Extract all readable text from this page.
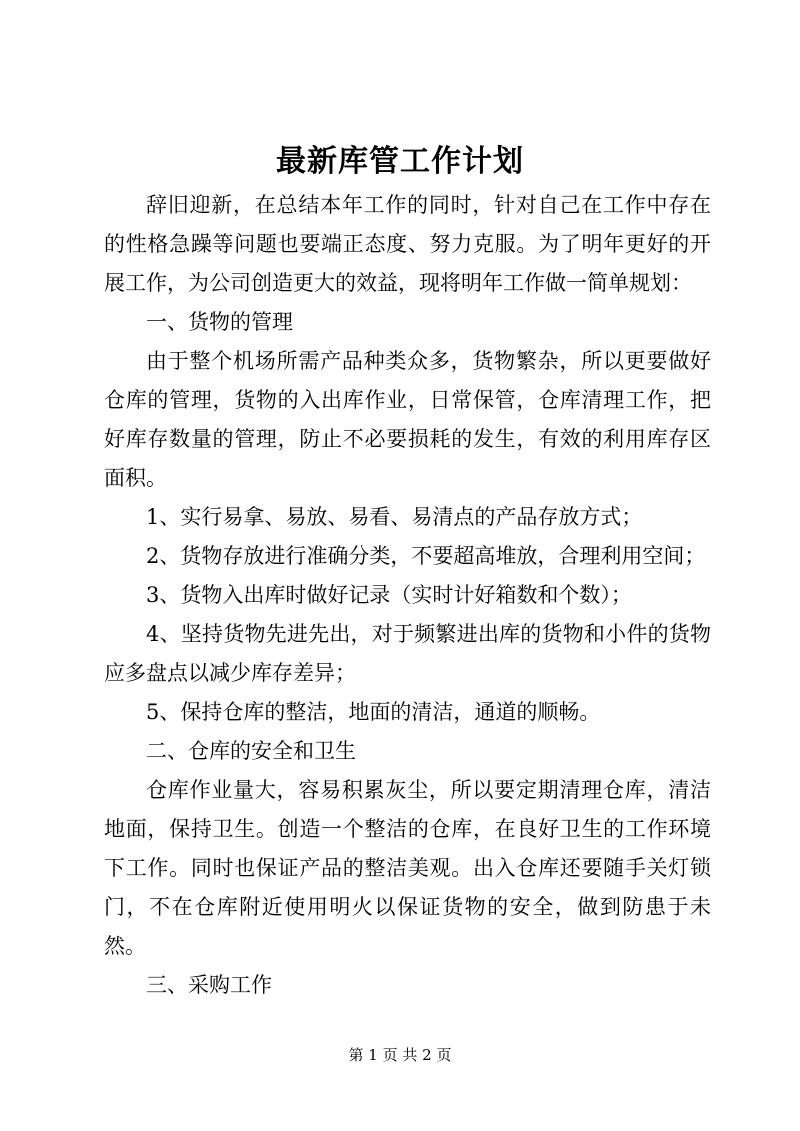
最新库管工作计划

辞旧迎新，在总结本年工作的同时，针对自己在工作中存在的性格急躁等问题也要端正态度、努力克服。为了明年更好的开展工作，为公司创造更大的效益，现将明年工作做一简单规划：

一、货物的管理

由于整个机场所需产品种类众多，货物繁杂，所以更要做好仓库的管理，货物的入出库作业，日常保管，仓库清理工作，把好库存数量的管理，防止不必要损耗的发生，有效的利用库存区面积。

1、实行易拿、易放、易看、易清点的产品存放方式；

2、货物存放进行准确分类，不要超高堆放，合理利用空间；

3、货物入出库时做好记录（实时计好箱数和个数）；

4、坚持货物先进先出，对于频繁进出库的货物和小件的货物应多盘点以减少库存差异；

5、保持仓库的整洁，地面的清洁，通道的顺畅。

二、仓库的安全和卫生

仓库作业量大，容易积累灰尘，所以要定期清理仓库，清洁地面，保持卫生。创造一个整洁的仓库，在良好卫生的工作环境下工作。同时也保证产品的整洁美观。出入仓库还要随手关灯锁门，不在仓库附近使用明火以保证货物的安全，做到防患于未然。

三、采购工作

第 1 页 共 2 页
